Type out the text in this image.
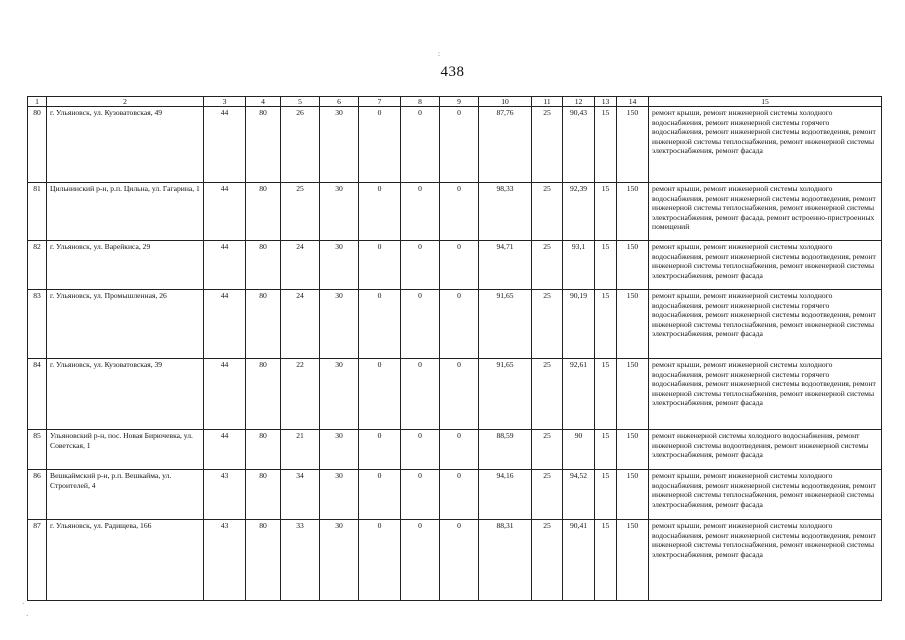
438
1	2	3	4	5	6	7	8	9	10	11	12	13	14	15
80	г. Ульяновск, ул. Кузоватовская, 49	44	80	26	30	0	0	0	87,76	25	90,43	15	150	ремонт крыши, ремонт инженерной системы холодного водоснабжения, ремонт инженерной системы горячего водоснабжения, ремонт инженерной системы водоотведения, ремонт инженерной системы теплоснабжения, ремонт инженерной системы электроснабжения, ремонт фасада
81	Цильнинский р-н, р.п. Цильна, ул. Гагарина, 1	44	80	25	30	0	0	0	98,33	25	92,39	15	150	ремонт крыши, ремонт инженерной системы холодного водоснабжения, ремонт инженерной системы водоотведения, ремонт инженерной системы теплоснабжения, ремонт инженерной системы электроснабжения, ремонт фасада, ремонт встроенно-пристроенных помещений
82	г. Ульяновск, ул. Варейкиса, 29	44	80	24	30	0	0	0	94,71	25	93,1	15	150	ремонт крыши, ремонт инженерной системы холодного водоснабжения, ремонт инженерной системы водоотведения, ремонт инженерной системы теплоснабжения, ремонт инженерной системы электроснабжения, ремонт фасада
83	г. Ульяновск, ул. Промышленная, 26	44	80	24	30	0	0	0	91,65	25	90,19	15	150	ремонт крыши, ремонт инженерной системы холодного водоснабжения, ремонт инженерной системы горячего водоснабжения, ремонт инженерной системы водоотведения, ремонт инженерной системы теплоснабжения, ремонт инженерной системы электроснабжения, ремонт фасада
84	г. Ульяновск, ул. Кузоватовская, 39	44	80	22	30	0	0	0	91,65	25	92,61	15	150	ремонт крыши, ремонт инженерной системы холодного водоснабжения, ремонт инженерной системы горячего водоснабжения, ремонт инженерной системы водоотведения, ремонт инженерной системы теплоснабжения, ремонт инженерной системы электроснабжения, ремонт фасада
85	Ульяновский р-н, пос. Новая Бирючевка, ул. Советская, 1	44	80	21	30	0	0	0	88,59	25	90	15	150	ремонт инженерной системы холодного водоснабжения, ремонт инженерной системы водоотведения, ремонт инженерной системы электроснабжения, ремонт фасада
86	Вешкаймский р-н, р.п. Вешкайма, ул. Строителей, 4	43	80	34	30	0	0	0	94,16	25	94,52	15	150	ремонт крыши, ремонт инженерной системы холодного водоснабжения, ремонт инженерной системы водоотведения, ремонт инженерной системы теплоснабжения, ремонт инженерной системы электроснабжения, ремонт фасада
87	г. Ульяновск, ул. Радищева, 166	43	80	33	30	0	0	0	88,31	25	90,41	15	150	ремонт крыши, ремонт инженерной системы холодного водоснабжения, ремонт инженерной системы водоотведения, ремонт инженерной системы теплоснабжения, ремонт инженерной системы электроснабжения, ремонт фасада
:
·
·
